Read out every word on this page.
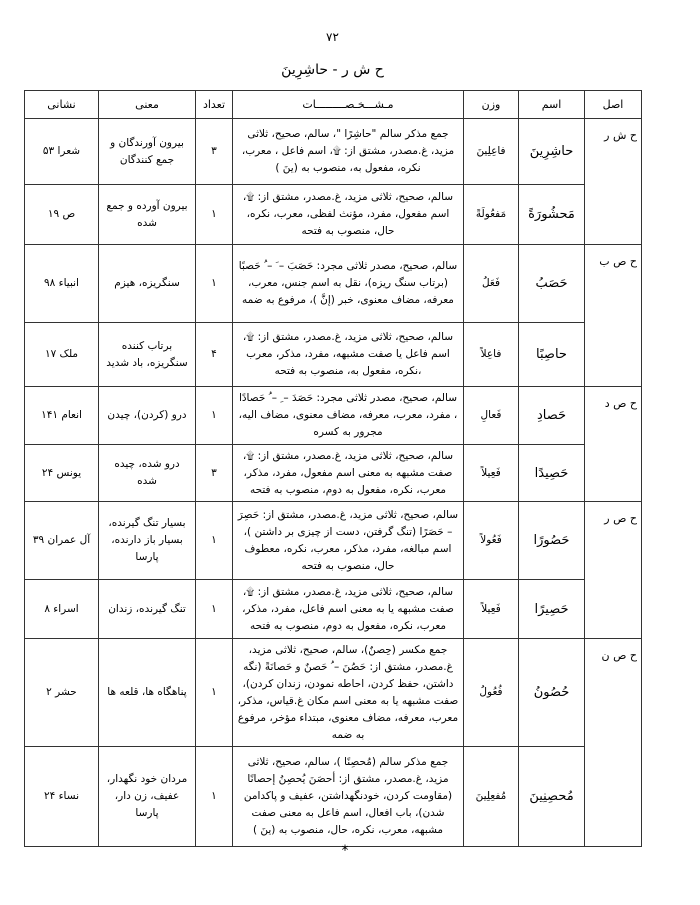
۷۲
ح ش ر - حاشِرِینَ
اصل	اسم	وزن	مـشـــخـصـــــــــات	تعداد	معنی	نشانی
ح ش ر	حاشِرِینَ	فاعِلِینَ	جمع مذکر سالم "حاشِرًا "، سالم، صحیح، ثلاثی مزید، غ.مصدر، مشتق از: ۩، اسم فاعل ، معرب، نکره، مفعول به، منصوب به (ینَ )	۳	بیرون آورندگان و جمع کنندگان	شعرا ۵۳
	مَحشُورَةً	مَفعُولَةً	سالم، صحیح، ثلاثی مزید، غ.مصدر، مشتق از: ۩، اسم مفعول، مفرد، مؤنث لفظی، معرب، نکره، حال، منصوب به فتحه	۱	بیرون آورده و جمع شده	ص ۱۹
ح ص ب	حَصَبُ	فَعَلُ	سالم، صحیح، مصدر ثلاثی مجرد: حَصَبَ – َ – ُ حَصبًا (برتاب سنگ ریزه)، نقل به اسم جنس، معرب، معرفه، مضاف معنوی، خبر (إنَّ )، مرفوع به ضمه	۱	سنگریزه، هیزم	انبیاء ۹۸
	حاصِبًا	فاعِلاً	سالم، صحیح، ثلاثی مزید، غ.مصدر، مشتق از: ۩، اسم فاعل یا صفت مشبهه، مفرد، مذکر، معرب ،نکره، مفعول به، منصوب به فتحه	۴	برتاب کننده سنگریزه، باد شدید	ملک ۱۷
ح ص د	حَصادِ	فَعالِ	سالم، صحیح، مصدر ثلاثی مجرد: حَصَدَ – ِ – ُ حَصادًا ، مفرد، معرب، معرفه، مضاف معنوی، مضاف الیه، مجرور به کسره	۱	درو (کردن)، چیدن	انعام ۱۴۱
	حَصِیدًا	فَعِیلاً	سالم، صحیح، ثلاثی مزید، غ.مصدر، مشتق از: ۩، صفت مشبهه به معنی اسم مفعول، مفرد، مذکر، معرب، نکره، مفعول به دوم، منصوب به فتحه	۳	درو شده، چیده شده	یونس ۲۴
ح ص ر	حَصُورًا	فَعُولاً	سالم، صحیح، ثلاثی مزید، غ.مصدر، مشتق از: حَصِرَ – حَصَرًا (تنگ گرفتن، دست از چیزی بر داشتن )، اسم مبالغه، مفرد، مذکر، معرب، نکره، معطوف حال، منصوب به فتحه	۱	بسیار تنگ گیرنده، بسیار باز دارنده، پارسا	آل عمران ۳۹
	حَصِیرًا	فَعِیلاً	سالم، صحیح، ثلاثی مزید، غ.مصدر، مشتق از: ۩، صفت مشبهه یا به معنی اسم فاعل، مفرد، مذکر، معرب، نکره، مفعول به دوم، منصوب به فتحه	۱	تنگ گیرنده، زندان	اسراء ۸
ح ص ن	حُصُونُ	فُعُولُ	جمع مکسر (حِصنٌ)، سالم، صحیح، ثلاثی مزید، غ.مصدر، مشتق از: حَصُنَ – ُ حَصنٌ و حَصانَةً (نگه داشتن، حفظ کردن، احاطه نمودن، زندان کردن)، صفت مشبهه یا به معنی اسم مکان غ.قیاس، مذکر، معرب، معرفه، مضاف معنوی، مبتداء مؤخر، مرفوع به ضمه	۱	پناهگاه ها، قلعه ها	حشر ۲
	مُحصِنِینَ	مُفعِلِینَ	جمع مذکر سالم (مُحصِنًا )، سالم، صحیح، ثلاثی مزید، غ.مصدر، مشتق از: أحصَنَ یُحصِنُ إحصانًا (مقاومت کردن، خودنگهداشتن، عفیف و پاکدامن شدن)، باب افعال، اسم فاعل به معنی صفت مشبهه، معرب، نکره، حال، منصوب به (ینَ )	۱	مردان خود نگهدار، عفیف، زن دار، پارسا	نساء ۲۴
*
